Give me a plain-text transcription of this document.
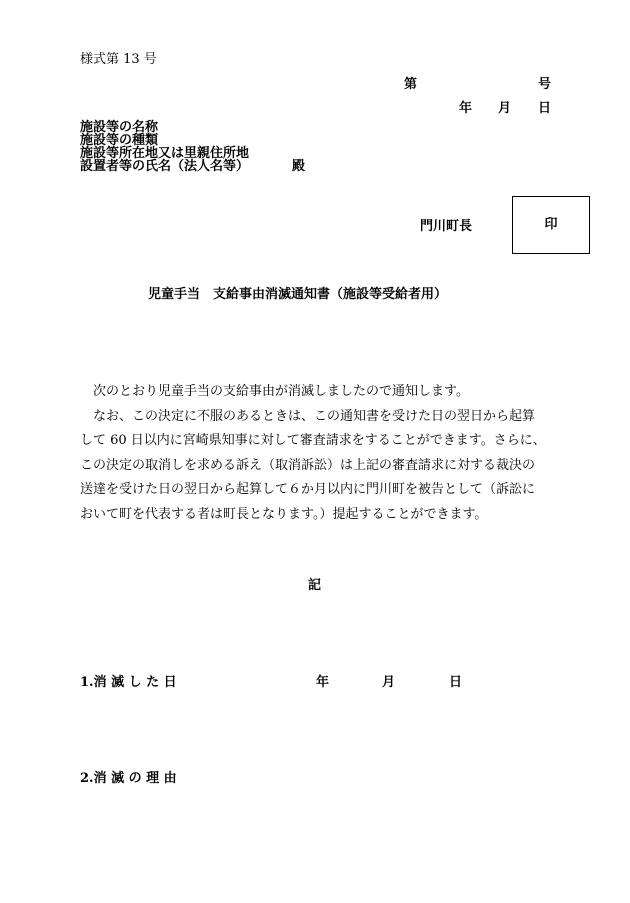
様式第 13 号
第	号
年 月 日
施設等の名称
施設等の種類
施設等所在地又は里親住所地
設置者等の氏名（法人名等）	殿
門川町長	印
児童手当　支給事由消滅通知書（施設等受給者用）
　次のとおり児童手当の支給事由が消滅しましたので通知します。
　なお、この決定に不服のあるときは、この通知書を受けた日の翌日から起算
して 60 日以内に宮崎県知事に対して審査請求をすることができます。さらに、
この決定の取消しを求める訴え（取消訴訟）は上記の審査請求に対する裁決の
送達を受けた日の翌日から起算して６か月以内に門川町を被告として（訴訟に
おいて町を代表する者は町長となります。）提起することができます。
記
1.消 滅 し た 日	年	月	日
2.消 滅 の 理 由
